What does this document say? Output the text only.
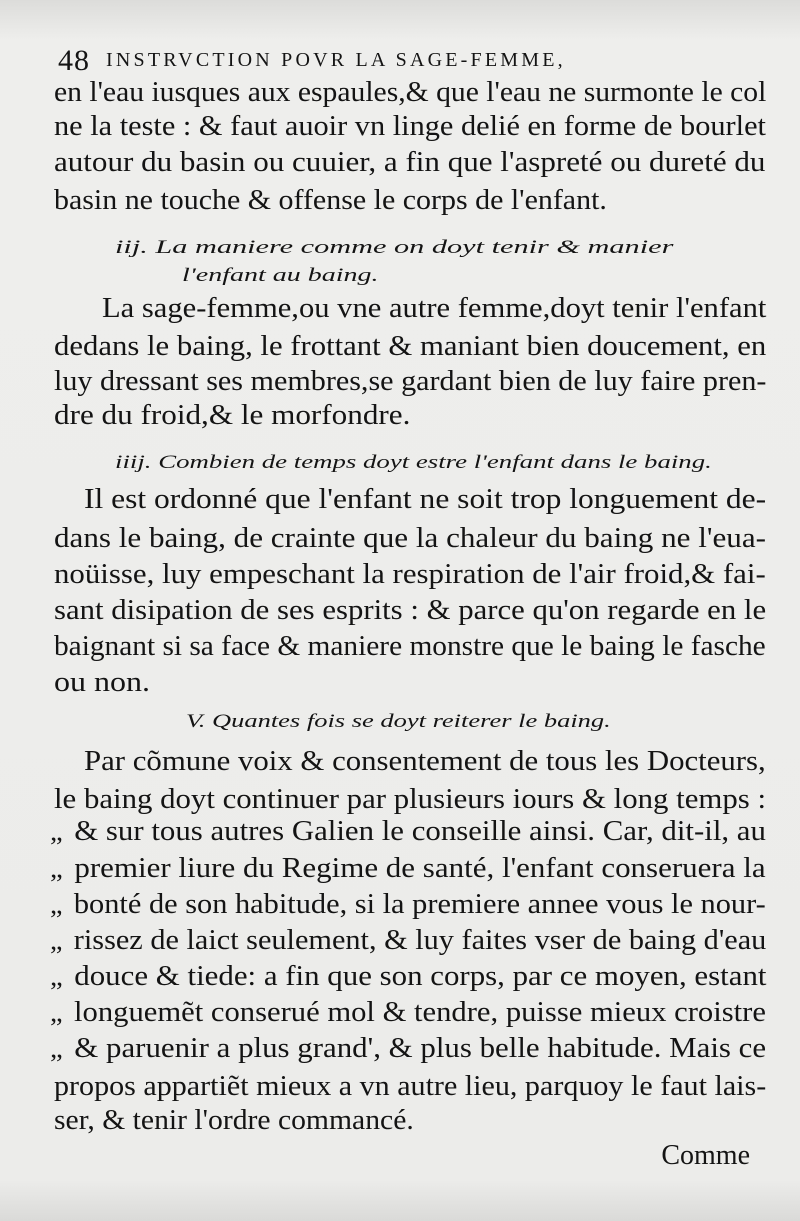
48 INSTRVCTION POVR LA SAGE-FEMME,
en l'eau iusques aux espaules,& que l'eau ne surmonte le col
ne la teste : & faut auoir vn linge delié en forme de bourlet
autour du basin ou cuuier, a fin que l'aspreté ou dureté du
basin ne touche & offense le corps de l'enfant.
iij. La maniere comme on doyt tenir & manier
l'enfant au baing.
La sage-femme,ou vne autre femme,doyt tenir l'enfant
dedans le baing, le frottant & maniant bien doucement, en
luy dressant ses membres,se gardant bien de luy faire pren-
dre du froid,& le morfondre.
iiij. Combien de temps doyt estre l'enfant dans le baing.
Il est ordonné que l'enfant ne soit trop longuement de-
dans le baing, de crainte que la chaleur du baing ne l'eua-
noüisse, luy empeschant la respiration de l'air froid,& fai-
sant disipation de ses esprits : & parce qu'on regarde en le
baignant si sa face & maniere monstre que le baing le fasche
ou non.
V. Quantes fois se doyt reiterer le baing.
Par cõmune voix & consentement de tous les Docteurs,
le baing doyt continuer par plusieurs iours & long temps :
„ & sur tous autres Galien le conseille ainsi. Car, dit-il, au
„ premier liure du Regime de santé, l'enfant conseruera la
„ bonté de son habitude, si la premiere annee vous le nour-
„ rissez de laict seulement, & luy faites vser de baing d'eau
„ douce & tiede: a fin que son corps, par ce moyen, estant
„ longuemẽt conserué mol & tendre, puisse mieux croistre
„ & paruenir a plus grand', & plus belle habitude. Mais ce
propos appartiẽt mieux a vn autre lieu, parquoy le faut lais-
ser, & tenir l'ordre commancé.
Comme
